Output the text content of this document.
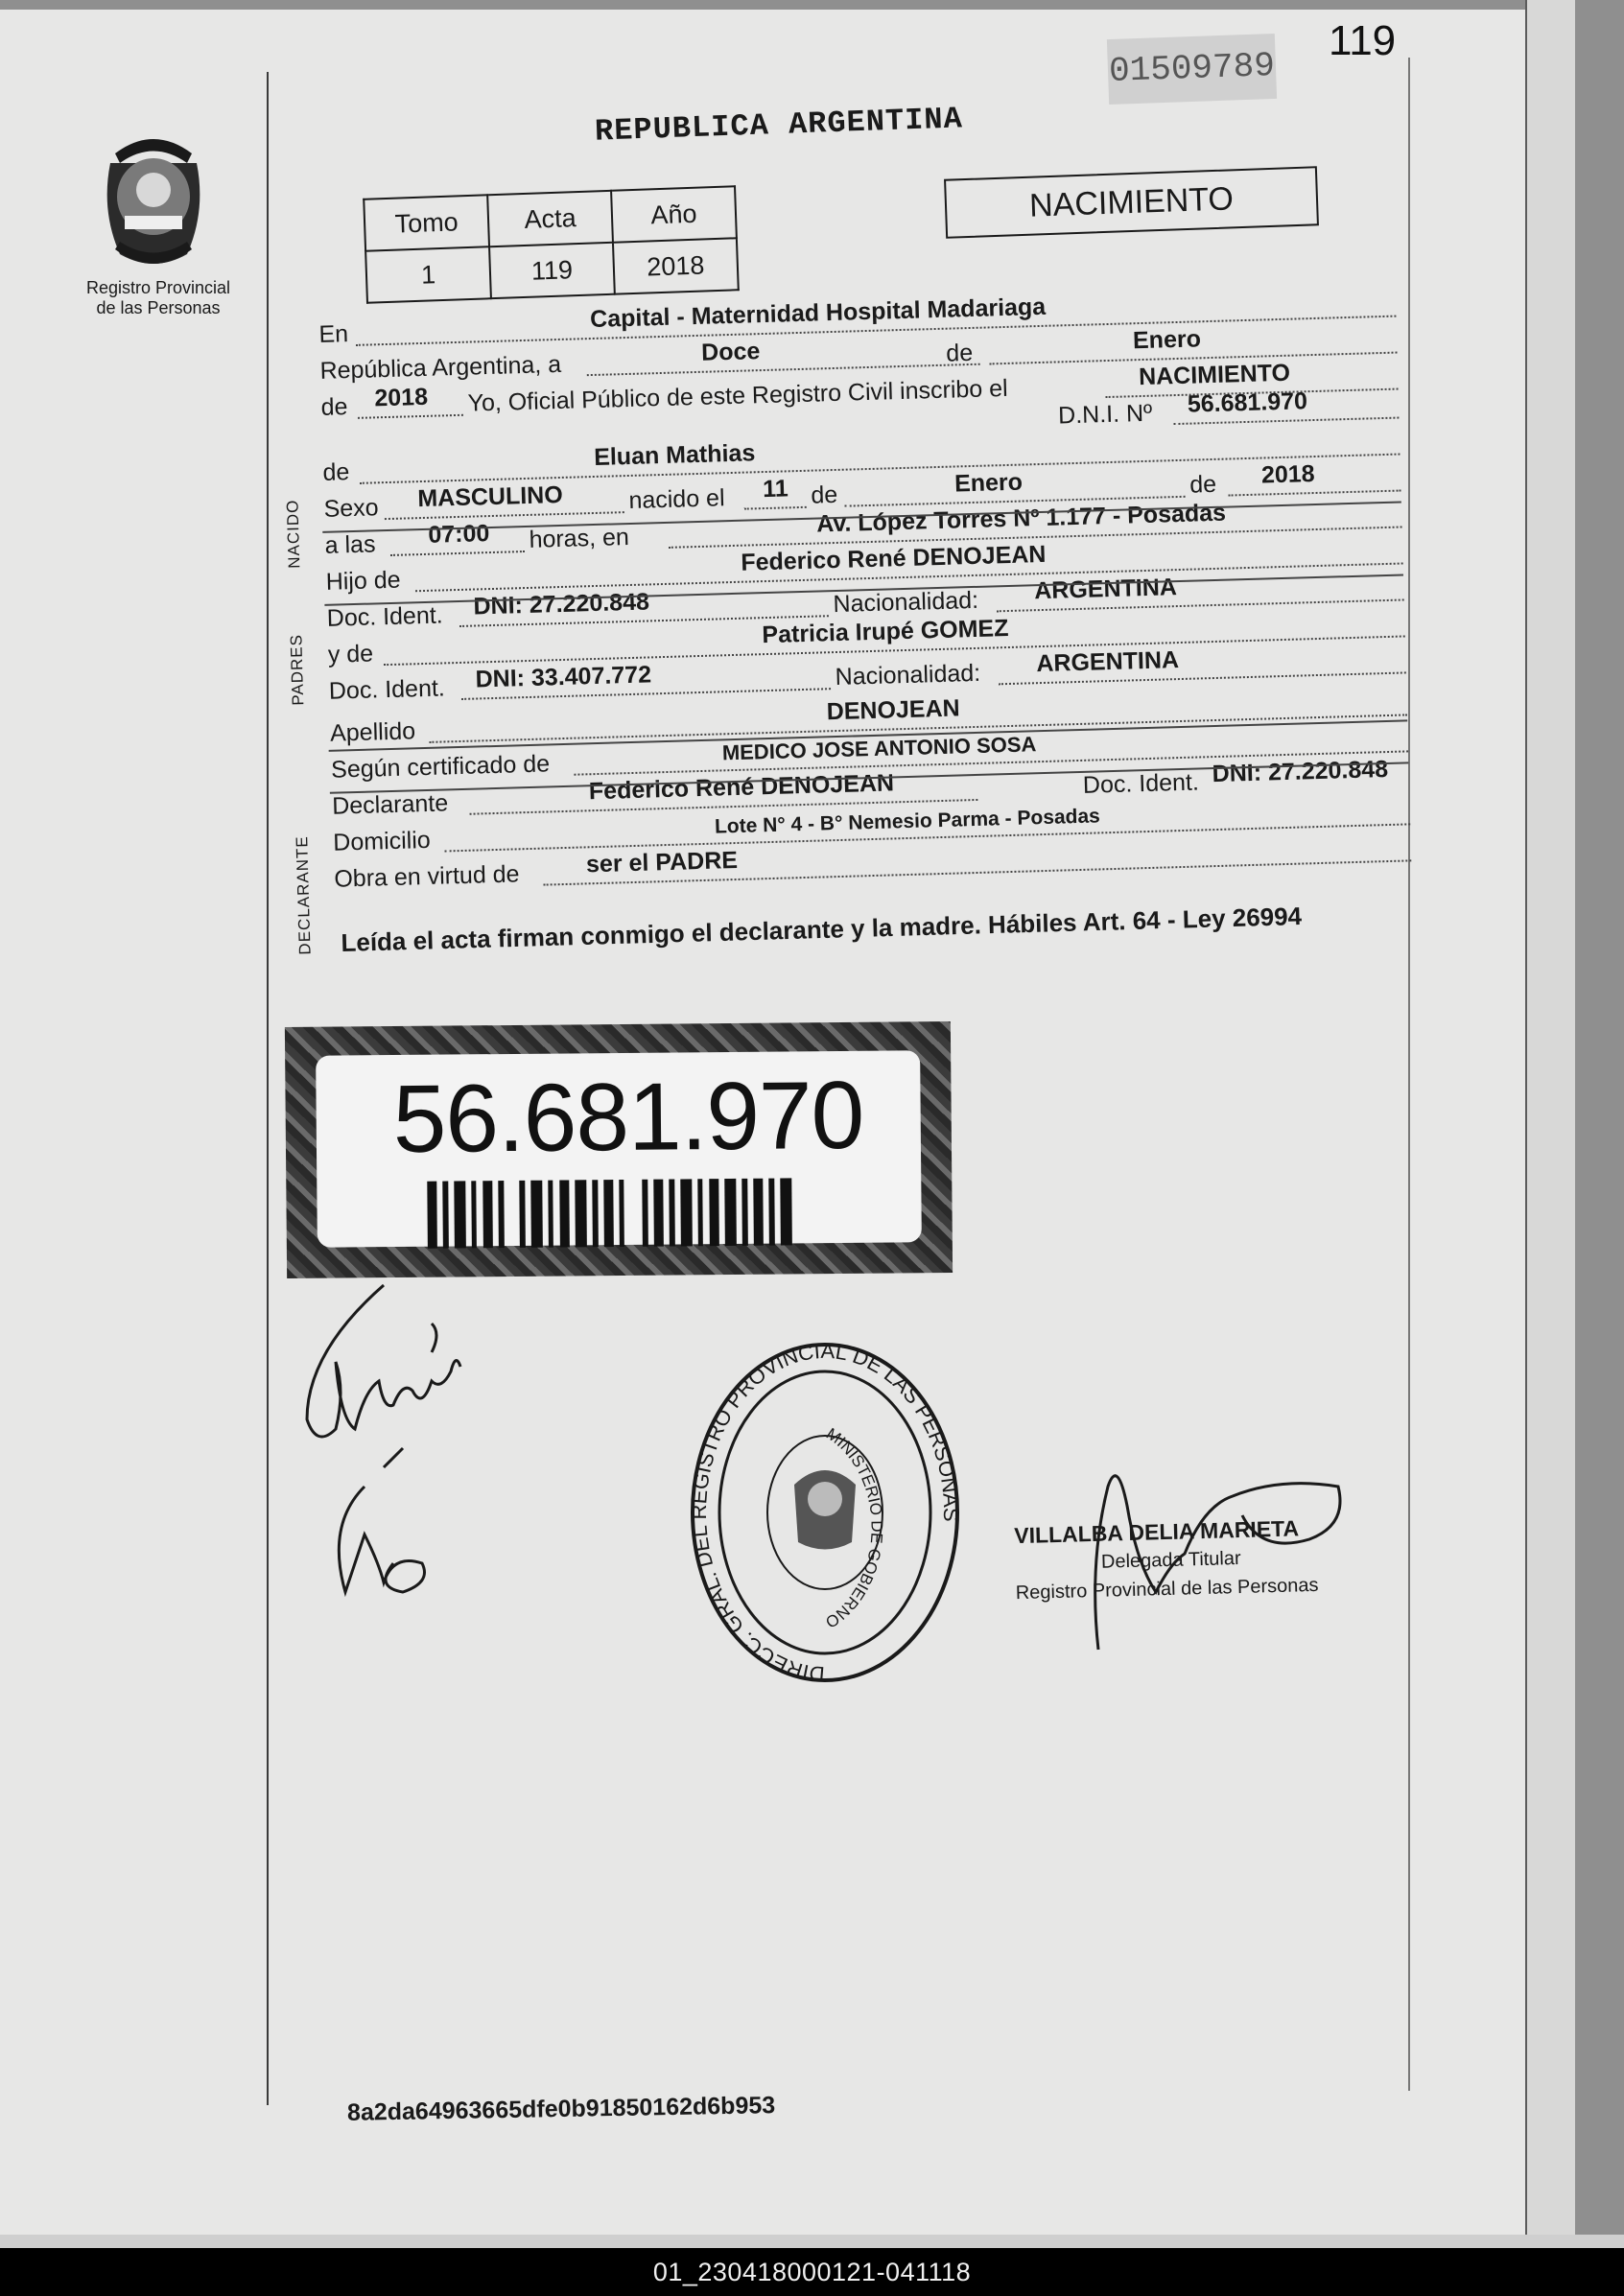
01509789
119
REPUBLICA ARGENTINA
NACIMIENTO
Tomo	Acta	Año
1	119	2018
Registro Provincial
de las Personas
En
Capital - Maternidad Hospital Madariaga
República Argentina, a	Doce	de	Enero
de 2018 Yo, Oficial Público de este Registro Civil inscribo el
NACIMIENTO
D.N.I. Nº 56.681.970
de
Eluan Mathias
Sexo MASCULINO	nacido el 11 de	Enero	de 2018
a las 07:00 horas, en
Av. López Torres Nº 1.177 - Posadas
Hijo de
Federico René DENOJEAN
Doc. Ident. DNI: 27.220.848	Nacionalidad: ARGENTINA
y de
Patricia Irupé GOMEZ
Doc. Ident. DNI: 33.407.772	Nacionalidad: ARGENTINA
Apellido
DENOJEAN
Según certificado de
MEDICO JOSE ANTONIO SOSA
Declarante	Federico René DENOJEAN	Doc. Ident. DNI: 27.220.848
Domicilio
Lote N° 4 - B° Nemesio Parma - Posadas
Obra en virtud de	ser el PADRE
NACIDO
PADRES
DECLARANTE Leída el acta firman conmigo el declarante y la madre. Hábiles Art. 64 - Ley 26994
56.681.970
DIRECC. GRAL. DEL REGISTRO PROVINCIAL DE LAS PERSONAS
MINISTERIO DE GOBIERNO
VILLALBA DELIA MARIETA
Delegada Titular
Registro Provincial de las Personas
8a2da64963665dfe0b91850162d6b953
01_230418000121-041118
